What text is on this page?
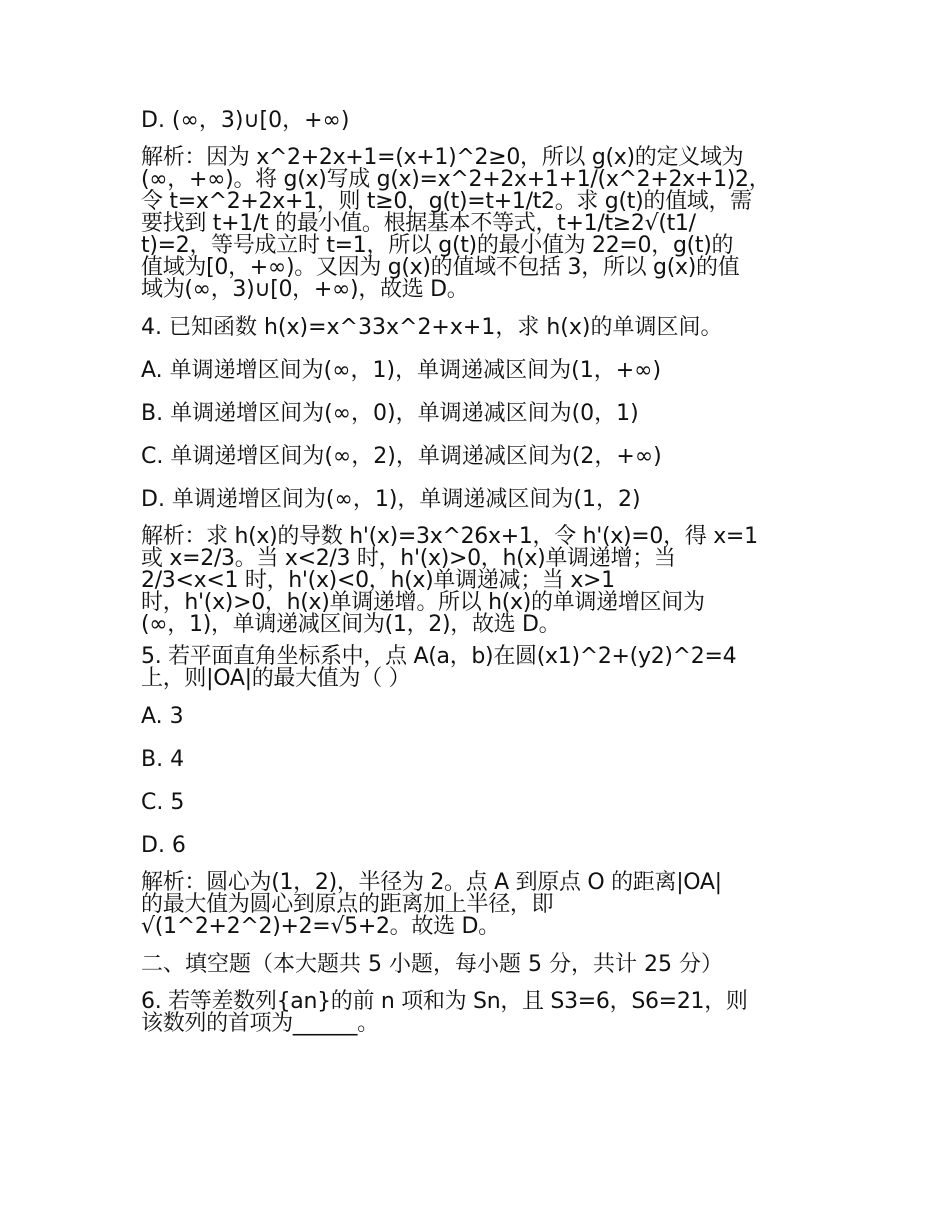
D. (∞，3)∪[0，+∞)
解析：因为 x^2+2x+1=(x+1)^2≥0，所以 g(x)的定义域为
(∞，+∞)。将 g(x)写成 g(x)=x^2+2x+1+1/(x^2+2x+1)2，
令 t=x^2+2x+1，则 t≥0，g(t)=t+1/t2。求 g(t)的值域，需
要找到 t+1/t 的最小值。根据基本不等式，t+1/t≥2√(t1/
t)=2，等号成立时 t=1，所以 g(t)的最小值为 22=0，g(t)的
值域为[0，+∞)。又因为 g(x)的值域不包括 3，所以 g(x)的值
域为(∞，3)∪[0，+∞)，故选 D。
4. 已知函数 h(x)=x^33x^2+x+1，求 h(x)的单调区间。
A. 单调递增区间为(∞，1)，单调递减区间为(1，+∞)
B. 单调递增区间为(∞，0)，单调递减区间为(0，1)
C. 单调递增区间为(∞，2)，单调递减区间为(2，+∞)
D. 单调递增区间为(∞，1)，单调递减区间为(1，2)
解析：求 h(x)的导数 h'(x)=3x^26x+1，令 h'(x)=0，得 x=1
或 x=2/3。当 x<2/3 时，h'(x)>0，h(x)单调递增；当
2/3<x<1 时，h'(x)<0，h(x)单调递减；当 x>1
时，h'(x)>0，h(x)单调递增。所以 h(x)的单调递增区间为
(∞，1)，单调递减区间为(1，2)，故选 D。
5. 若平面直角坐标系中，点 A(a，b)在圆(x1)^2+(y2)^2=4
上，则|OA|的最大值为（ ）
A. 3
B. 4
C. 5
D. 6
解析：圆心为(1，2)，半径为 2。点 A 到原点 O 的距离|OA|
的最大值为圆心到原点的距离加上半径，即
√(1^2+2^2)+2=√5+2。故选 D。
二、填空题（本大题共 5 小题，每小题 5 分，共计 25 分）
6. 若等差数列{an}的前 n 项和为 Sn，且 S3=6，S6=21，则
该数列的首项为______。
